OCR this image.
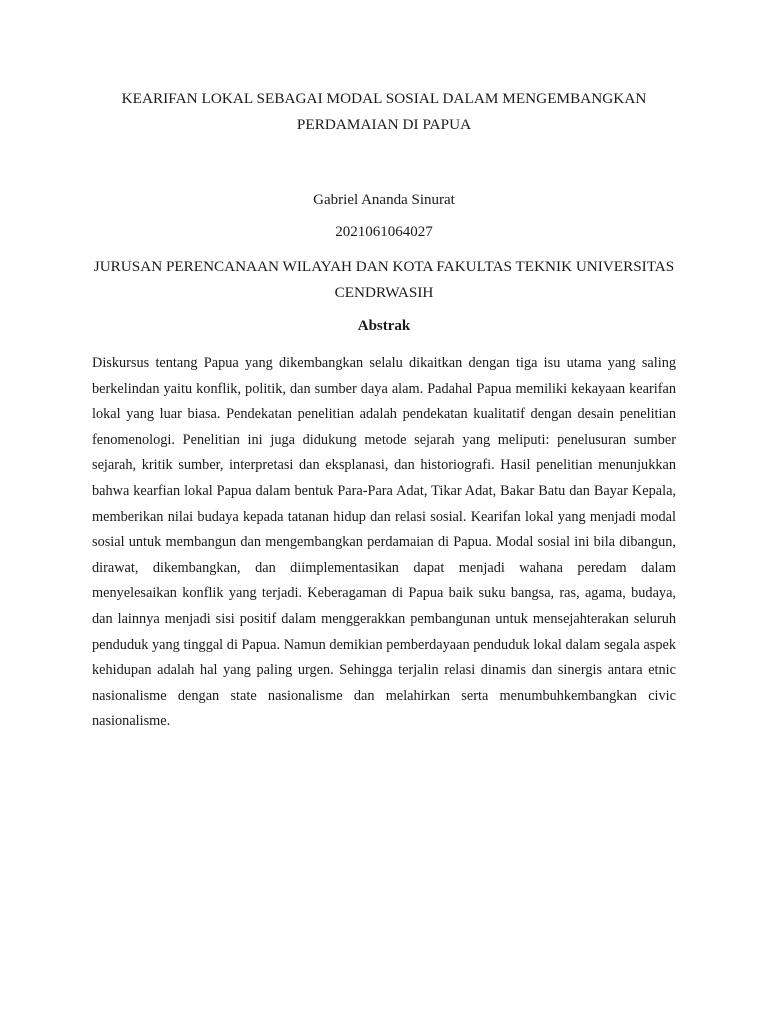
KEARIFAN LOKAL SEBAGAI MODAL SOSIAL DALAM MENGEMBANGKAN PERDAMAIAN DI PAPUA

Gabriel Ananda Sinurat

2021061064027

JURUSAN PERENCANAAN WILAYAH DAN KOTA FAKULTAS TEKNIK UNIVERSITAS CENDRWASIH

Abstrak

Diskursus tentang Papua yang dikembangkan selalu dikaitkan dengan tiga isu utama yang saling berkelindan yaitu konflik, politik, dan sumber daya alam. Padahal Papua memiliki kekayaan kearifan lokal yang luar biasa. Pendekatan penelitian adalah pendekatan kualitatif dengan desain penelitian fenomenologi. Penelitian ini juga didukung metode sejarah yang meliputi: penelusuran sumber sejarah, kritik sumber, interpretasi dan eksplanasi, dan historiografi. Hasil penelitian menunjukkan bahwa kearfian lokal Papua dalam bentuk Para-Para Adat, Tikar Adat, Bakar Batu dan Bayar Kepala, memberikan nilai budaya kepada tatanan hidup dan relasi sosial. Kearifan lokal yang menjadi modal sosial untuk membangun dan mengembangkan perdamaian di Papua. Modal sosial ini bila dibangun, dirawat, dikembangkan, dan diimplementasikan dapat menjadi wahana peredam dalam menyelesaikan konflik yang terjadi. Keberagaman di Papua baik suku bangsa, ras, agama, budaya, dan lainnya menjadi sisi positif dalam menggerakkan pembangunan untuk mensejahterakan seluruh penduduk yang tinggal di Papua. Namun demikian pemberdayaan penduduk lokal dalam segala aspek kehidupan adalah hal yang paling urgen. Sehingga terjalin relasi dinamis dan sinergis antara etnic nasionalisme dengan state nasionalisme dan melahirkan serta menumbuhkembangkan civic nasionalisme.
